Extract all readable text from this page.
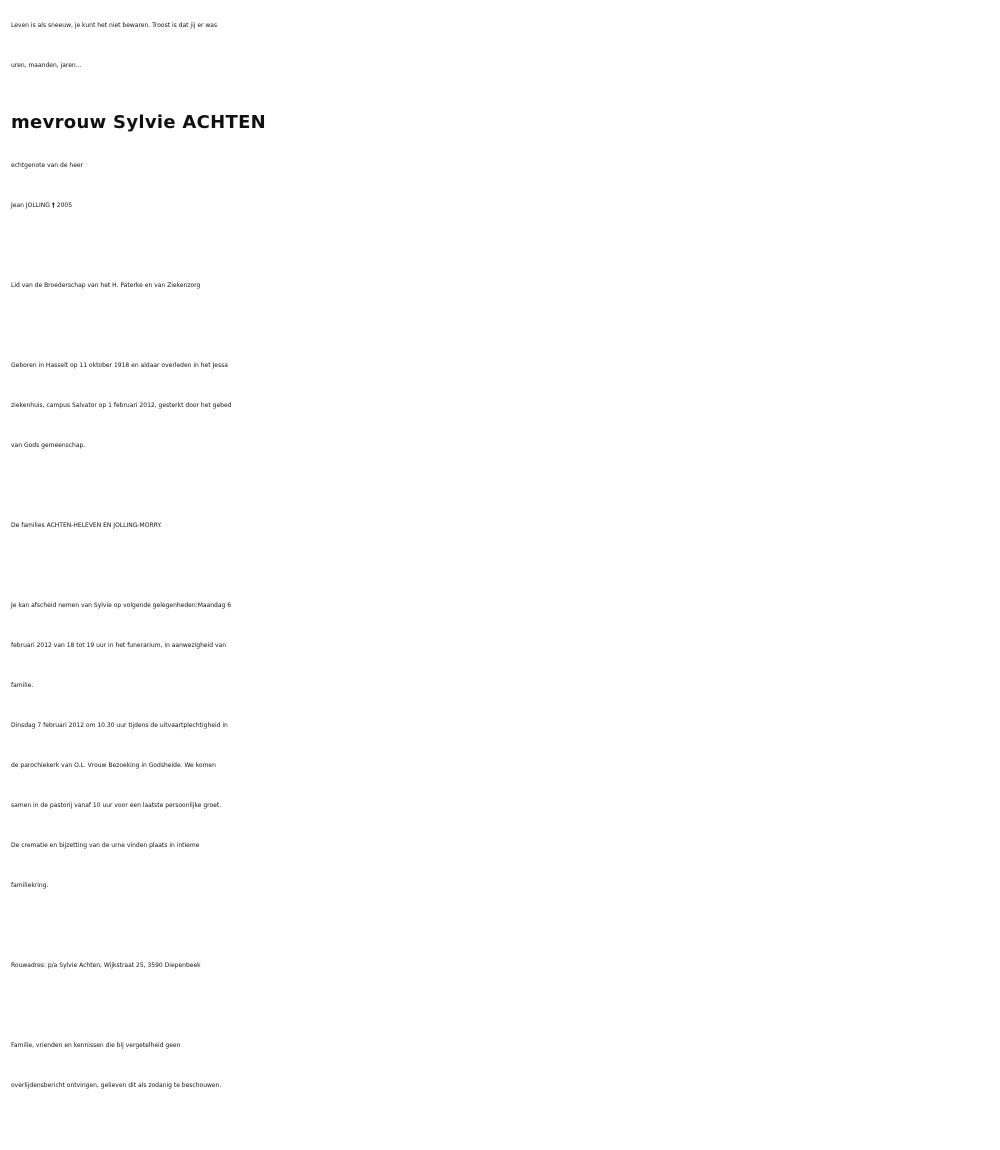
Leven is als sneeuw, je kunt het niet bewaren. Troost is dat jij er was

uren, maanden, jaren...

mevrouw Sylvie ACHTEN

echtgenote van de heer

Jean JOLLING † 2005

Lid van de Broederschap van het H. Paterke en van Ziekenzorg

Geboren in Hasselt op 11 oktober 1918 en aldaar overleden in het Jessa

ziekenhuis, campus Salvator op 1 februari 2012, gesterkt door het gebed

van Gods gemeenschap.

De families ACHTEN-HELEVEN EN JOLLING-MORRY.

Je kan afscheid nemen van Sylvie op volgende gelegenheden:Maandag 6

februari 2012 van 18 tot 19 uur in het funerarium, in aanwezigheid van

familie.

Dinsdag 7 februari 2012 om 10.30 uur tijdens de uitvaartplechtigheid in

de parochiekerk van O.L. Vrouw Bezoeking in Godsheide. We komen

samen in de pastorij vanaf 10 uur voor een laatste persoonlijke groet.

De crematie en bijzetting van de urne vinden plaats in intieme

familiekring.

Rouwadres: p/a Sylvie Achten, Wijkstraat 25, 3590 Diepenbeek

Familie, vrienden en kennissen die bij vergetelheid geen

overlijdensbericht ontvingen, gelieven dit als zodanig te beschouwen.
